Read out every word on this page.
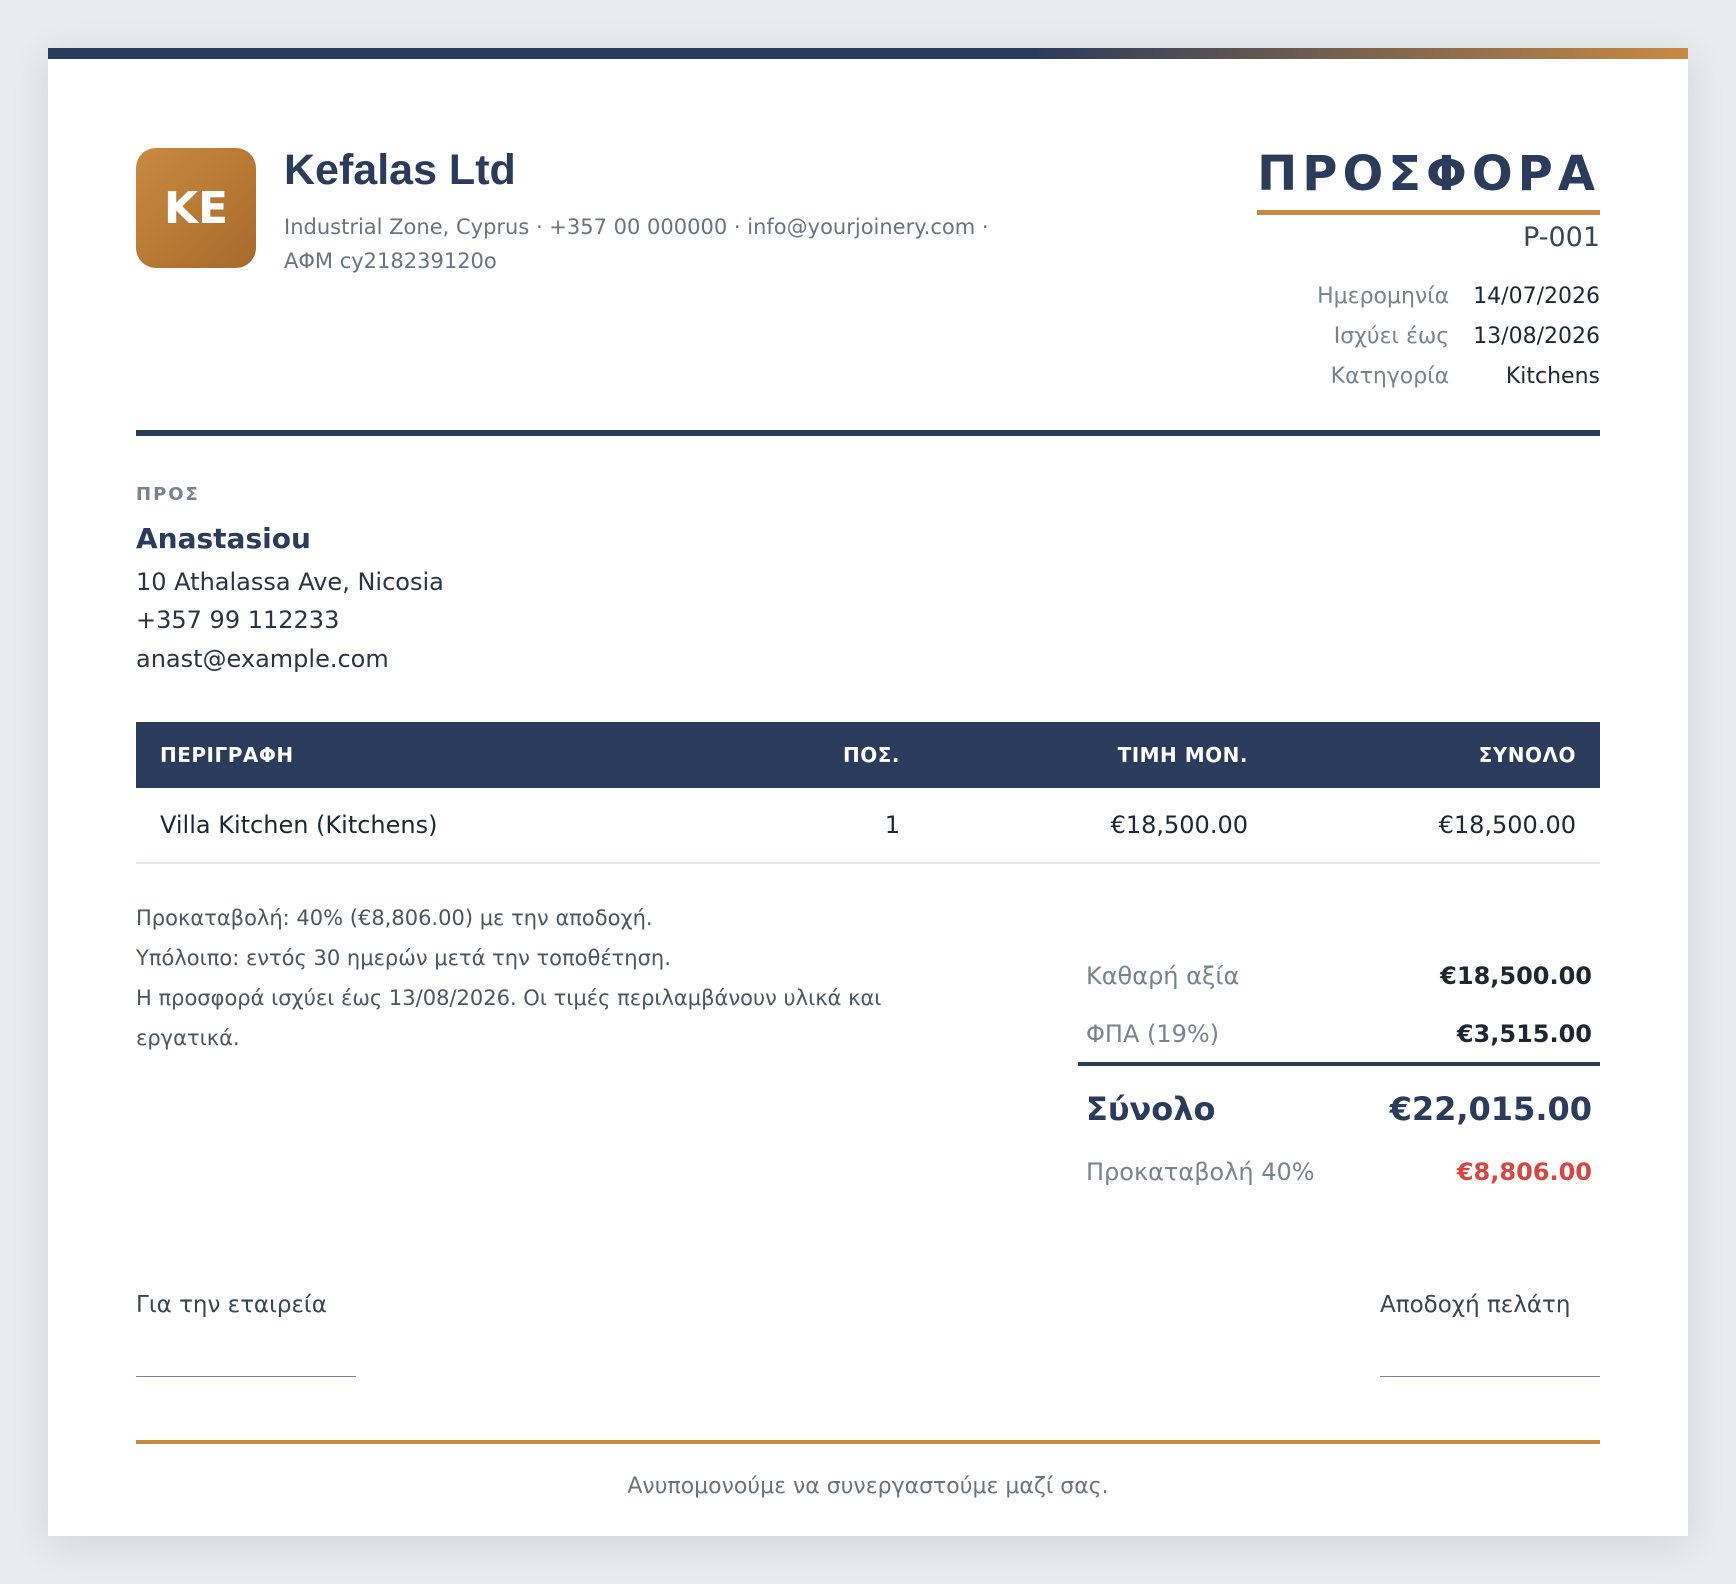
KE
Kefalas Ltd
Industrial Zone, Cyprus · +357 00 000000 · info@yourjoinery.com ·
ΑΦΜ cy218239120ο
ΠΡΟΣΦΟΡΑ
P-001
Ημερομηνία	14/07/2026
Ισχύει έως	13/08/2026
Κατηγορία	Kitchens
ΠΡΟΣ
Anastasiou
10 Athalassa Ave, Nicosia
+357 99 112233
anast@example.com
ΠΕΡΙΓΡΑΦΗ	ΠΟΣ.	ΤΙΜΗ ΜΟΝ.	ΣΥΝΟΛΟ
Villa Kitchen (Kitchens)	1	€18,500.00	€18,500.00
Προκαταβολή: 40% (€8,806.00) με την αποδοχή.
Υπόλοιπο: εντός 30 ημερών μετά την τοποθέτηση.
Η προσφορά ισχύει έως 13/08/2026. Οι τιμές περιλαμβάνουν υλικά και
εργατικά.
Καθαρή αξία	€18,500.00
ΦΠΑ (19%)	€3,515.00
Σύνολο	€22,015.00
Προκαταβολή 40%	€8,806.00
Για την εταιρεία	Αποδοχή πελάτη
Ανυπομονούμε να συνεργαστούμε μαζί σας.
